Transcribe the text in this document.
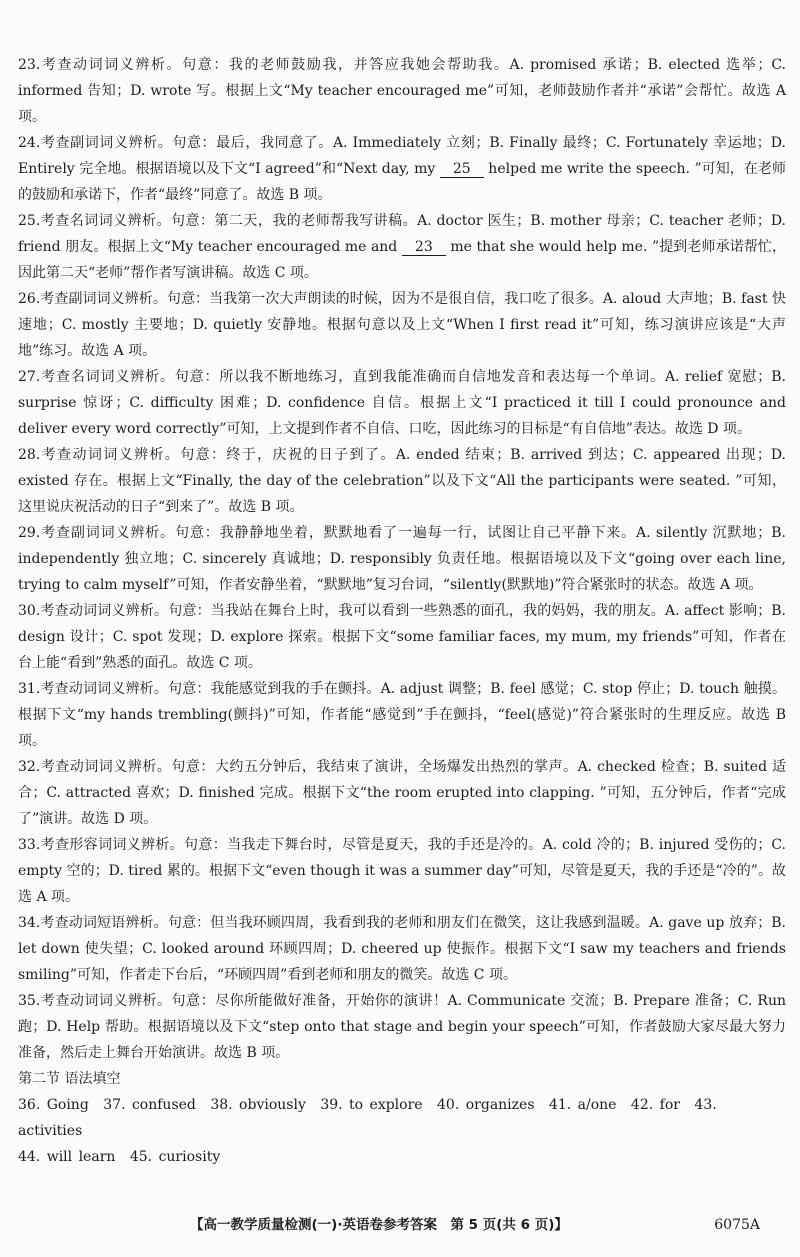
23.考查动词词义辨析。句意：我的老师鼓励我，并答应我她会帮助我。A. promised 承诺；B. elected 选举；C. informed 告知；D. wrote 写。根据上文“My teacher encouraged me”可知，老师鼓励作者并“承诺”会帮忙。故选 A 项。

24.考查副词词义辨析。句意：最后，我同意了。A. Immediately 立刻；B. Finally 最终；C. Fortunately 幸运地；D. Entirely 完全地。根据语境以及下文“I agreed”和“Next day, my 25 helped me write the speech. ”可知，在老师的鼓励和承诺下，作者“最终”同意了。故选 B 项。

25.考查名词词义辨析。句意：第二天，我的老师帮我写讲稿。A. doctor 医生；B. mother 母亲；C. teacher 老师；D. friend 朋友。根据上文“My teacher encouraged me and 23 me that she would help me. ”提到老师承诺帮忙，因此第二天“老师”帮作者写演讲稿。故选 C 项。

26.考查副词词义辨析。句意：当我第一次大声朗读的时候，因为不是很自信，我口吃了很多。A. aloud 大声地；B. fast 快速地；C. mostly 主要地；D. quietly 安静地。根据句意以及上文“When I first read it”可知，练习演讲应该是“大声地”练习。故选 A 项。

27.考查名词词义辨析。句意：所以我不断地练习，直到我能准确而自信地发音和表达每一个单词。A. relief 宽慰；B. surprise 惊讶；C. difficulty 困难；D. confidence 自信。根据上文“I practiced it till I could pronounce and deliver every word correctly”可知，上文提到作者不自信、口吃，因此练习的目标是“有自信地”表达。故选 D 项。

28.考查动词词义辨析。句意：终于，庆祝的日子到了。A. ended 结束；B. arrived 到达；C. appeared 出现；D. existed 存在。根据上文“Finally, the day of the celebration”以及下文“All the participants were seated. ”可知，这里说庆祝活动的日子“到来了”。故选 B 项。

29.考查副词词义辨析。句意：我静静地坐着，默默地看了一遍每一行，试图让自己平静下来。A. silently 沉默地；B. independently 独立地；C. sincerely 真诚地；D. responsibly 负责任地。根据语境以及下文“going over each line, trying to calm myself”可知，作者安静坐着，“默默地”复习台词，“silently(默默地)”符合紧张时的状态。故选 A 项。

30.考查动词词义辨析。句意：当我站在舞台上时，我可以看到一些熟悉的面孔，我的妈妈，我的朋友。A. affect 影响；B. design 设计；C. spot 发现；D. explore 探索。根据下文“some familiar faces, my mum, my friends”可知，作者在台上能“看到”熟悉的面孔。故选 C 项。

31.考查动词词义辨析。句意：我能感觉到我的手在颤抖。A. adjust 调整；B. feel 感觉；C. stop 停止；D. touch 触摸。根据下文“my hands trembling(颤抖)”可知，作者能“感觉到”手在颤抖，“feel(感觉)”符合紧张时的生理反应。故选 B 项。

32.考查动词词义辨析。句意：大约五分钟后，我结束了演讲，全场爆发出热烈的掌声。A. checked 检查；B. suited 适合；C. attracted 喜欢；D. finished 完成。根据下文“the room erupted into clapping. ”可知，五分钟后，作者“完成了”演讲。故选 D 项。

33.考查形容词词义辨析。句意：当我走下舞台时，尽管是夏天，我的手还是冷的。A. cold 冷的；B. injured 受伤的；C. empty 空的；D. tired 累的。根据下文“even though it was a summer day”可知，尽管是夏天，我的手还是“冷的”。故选 A 项。

34.考查动词短语辨析。句意：但当我环顾四周，我看到我的老师和朋友们在微笑，这让我感到温暖。A. gave up 放弃；B. let down 使失望；C. looked around 环顾四周；D. cheered up 使振作。根据下文“I saw my teachers and friends smiling”可知，作者走下台后，“环顾四周”看到老师和朋友的微笑。故选 C 项。

35.考查动词词义辨析。句意：尽你所能做好准备，开始你的演讲！A. Communicate 交流；B. Prepare 准备；C. Run 跑；D. Help 帮助。根据语境以及下文“step onto that stage and begin your speech”可知，作者鼓励大家尽最大努力准备，然后走上舞台开始演讲。故选 B 项。

第二节 语法填空

36. Going 37. confused 38. obviously 39. to explore 40. organizes 41. a/one 42. for 43. activities
44. will learn 45. curiosity

【高一教学质量检测(一)·英语卷参考答案　第 5 页(共 6 页)】	6075A
